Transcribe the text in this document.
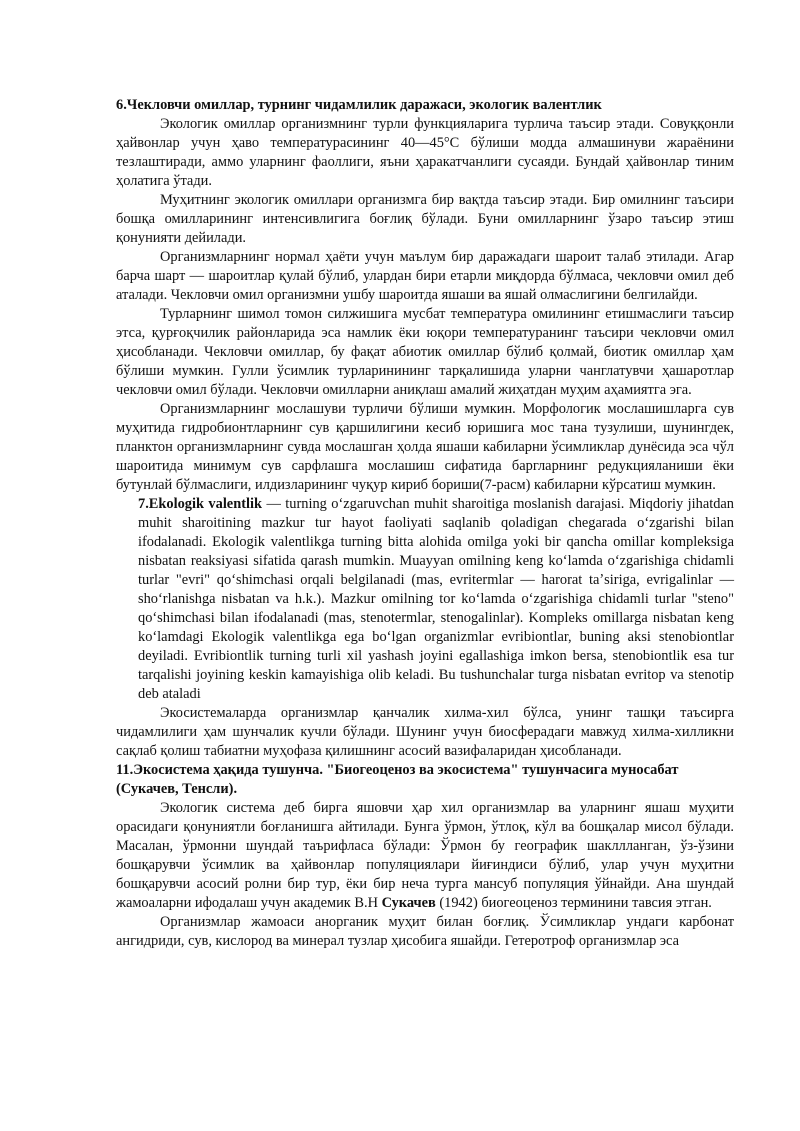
6.Чекловчи омиллар, турнинг чидамлилик даражаси, экологик валентлик

Экологик омиллар организмнинг турли функцияларига турлича таъсир этади. Совуққонли ҳайвонлар учун ҳаво температурасининг 40—45°С бўлиши модда алмашинуви жараёнини тезлаштиради, аммо уларнинг фаоллиги, яъни ҳаракатчанлиги сусаяди. Бундай ҳайвонлар тиним ҳолатига ўтади.

Муҳитнинг экологик омиллари организмга бир вақтда таъсир этади. Бир омилнинг таъсири бошқа омилларининг интенсивлигига боғлиқ бўлади. Буни омилларнинг ўзаро таъсир этиш қонунияти дейилади.

Организмларнинг нормал ҳаёти учун маълум бир даражадаги шароит талаб этилади. Агар барча шарт — шароитлар қулай бўлиб, улардан бири етарли миқдорда бўлмаса, чекловчи омил деб аталади. Чекловчи омил организмни ушбу шароитда яшаши ва яшай олмаслигини белгилайди.

Турларнинг шимол томон силжишига мусбат температура омилининг етишмаслиги таъсир этса, қурғоқчилик районларида эса намлик ёки юқори температуранинг таъсири чекловчи омил ҳисобланади. Чекловчи омиллар, бу фақат абиотик омиллар бўлиб қолмай, биотик омиллар ҳам бўлиши мумкин. Гулли ўсимлик турларинининг тарқалишида уларни чанглатувчи ҳашаротлар чекловчи омил бўлади. Чекловчи омилларни аниқлаш амалий жиҳатдан муҳим аҳамиятга эга.

Организмларнинг мослашуви турличи бўлиши мумкин. Морфологик мослашишларга сув муҳитида гидробионтларнинг сув қаршилигини кесиб юришига мос тана тузулиши, шунингдек, планктон организмларнинг сувда мослашган ҳолда яшаши кабиларни ўсимликлар дунёсида эса чўл шароитида минимум сув сарфлашга мослашиш сифатида баргларнинг редукцияланиши ёки бутунлай бўлмаслиги, илдизларининг чуқур кириб бориши(7-расм) кабиларни кўрсатиш мумкин.

7.Ekologik valentlik — turning oʻzgaruvchan muhit sharoitiga moslanish darajasi. Miqdoriy jihatdan muhit sharoitining mazkur tur hayot faoliyati saqlanib qoladigan chegarada oʻzgarishi bilan ifodalanadi. Ekologik valentlikga turning bitta alohida omilga yoki bir qancha omillar kompleksiga nisbatan reaksiyasi sifatida qarash mumkin. Muayyan omilning keng koʻlamda oʻzgarishiga chidamli turlar "evri" qoʻshimchasi orqali belgilanadi (mas, evritermlar — harorat taʼsiriga, evrigalinlar — shoʻrlanishga nisbatan va h.k.). Mazkur omilning tor koʻlamda oʻzgarishiga chidamli turlar "steno" qoʻshimchasi bilan ifodalanadi (mas, stenotermlar, stenogalinlar). Kompleks omillarga nisbatan keng koʻlamdagi Ekologik valentlikga ega boʻlgan organizmlar evribiontlar, buning aksi stenobiontlar deyiladi. Evribiontlik turning turli xil yashash joyini egallashiga imkon bersa, stenobiontlik esa tur tarqalishi joyining keskin kamayishiga olib keladi. Bu tushunchalar turga nisbatan evritop va stenotip deb ataladi

Экосистемаларда организмлар қанчалик хилма-хил бўлса, унинг ташқи таъсирга чидамлилиги ҳам шунчалик кучли бўлади. Шунинг учун биосферадаги мавжуд хилма-хилликни сақлаб қолиш табиатни муҳофаза қилишнинг асосий вазифаларидан ҳисобланади.

11.Экосистема ҳақида тушунча. "Биогеоценоз ва экосистема" тушунчасига муносабат (Сукачев, Тенсли).

Экологик система деб бирга яшовчи ҳар хил организмлар ва уларнинг яшаш муҳити орасидаги қонуниятли боғланишга айтилади. Бунга ўрмон, ўтлоқ, кўл ва бошқалар мисол бўлади. Масалан, ўрмонни шундай таърифласа бўлади: Ўрмон бу географик шакллланган, ўз-ўзини бошқарувчи ўсимлик ва ҳайвонлар популяциялари йиғиндиси бўлиб, улар учун муҳитни бошқарувчи асосий ролни бир тур, ёки бир неча турга мансуб популяция ўйнайди. Ана шундай жамоаларни ифодалаш учун академик В.Н Сукачев (1942) биогеоценоз терминини тавсия этган.

Организмлар жамоаси анорганик муҳит билан боғлиқ. Ўсимликлар ундаги карбонат ангидриди, сув, кислород ва минерал тузлар ҳисобига яшайди. Гетеротроф организмлар эса
